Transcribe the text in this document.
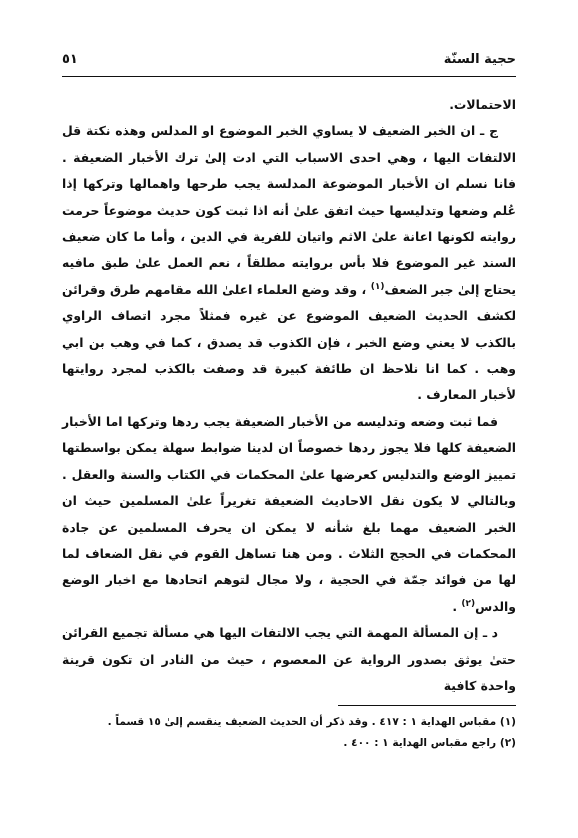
حجية السنّة
٥١

الاحتمالات.

ج ـ ان الخبر الضعيف لا يساوي الخبر الموضوع او المدلس وهذه نكتة قل الالتفات اليها ، وهي احدى الاسباب التي ادت إلىٰ ترك الأخبار الضعيفة . فانا نسلم ان الأخبار الموضوعة المدلسة يجب طرحها واهمالها وتركها إذا عُلم وضعها وتدليسها حيث اتفق علىٰ أنه اذا ثبت كون حديث موضوعاً حرمت روايته لكونها اعانة علىٰ الاثم واتيان للفرية في الدين ، وأما ما كان ضعيف السند غير الموضوع فلا بأس بروايته مطلقاً ، نعم العمل علىٰ طبق مافيه يحتاج إلىٰ جبر الضعف$^{(١)}$ ، وقد وضع العلماء اعلىٰ الله مقامهم طرق وقرائن لكشف الحديث الضعيف الموضوع عن غيره فمثلاً مجرد اتصاف الراوي بالكذب لا يعني وضع الخبر ، فإن الكذوب قد يصدق ، كما في وهب بن ابي وهب . كما انا نلاحظ ان طائفة كبيرة قد وصفت بالكذب لمجرد روايتها لأخبار المعارف .

فما ثبت وضعه وتدليسه من الأخبار الضعيفة يجب ردها وتركها اما الأخبار الضعيفة كلها فلا يجوز ردها خصوصاً ان لدينا ضوابط سهلة يمكن بواسطتها تمييز الوضع والتدليس كعرضها علىٰ المحكمات في الكتاب والسنة والعقل . وبالتالي لا يكون نقل الاحاديث الضعيفة تغريراً علىٰ المسلمين حيث ان الخبر الضعيف مهما بلغ شأنه لا يمكن ان يحرف المسلمين عن جادة المحكمات في الحجج الثلاث . ومن هنا تساهل القوم في نقل الضعاف لما لها من فوائد جمّة في الحجية ، ولا مجال لتوهم اتحادها مع اخبار الوضع والدس$^{(٢)}$ .

د ـ إن المسألة المهمة التي يجب الالتفات اليها هي مسألة تجميع القرائن حتىٰ يوثق بصدور الرواية عن المعصوم ، حيث من النادر ان تكون قرينة واحدة كافية

(١) مقباس الهداية ١ : ٤١٧ . وقد ذكر أن الحديث الضعيف ينقسم إلىٰ ١٥ قسماً .

(٢) راجع مقباس الهداية ١ : ٤٠٠ .
